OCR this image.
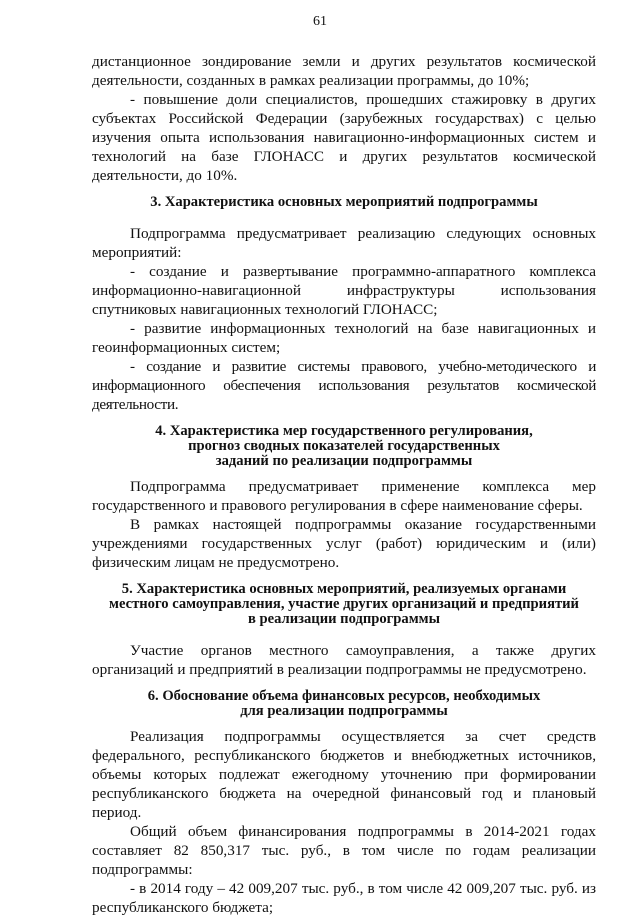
61

дистанционное зондирование земли и других результатов космической деятельности, созданных в рамках реализации программы, до 10%;

- повышение доли специалистов, прошедших стажировку в других субъектах Российской Федерации (зарубежных государствах) с целью изучения опыта использования навигационно-информационных систем и технологий на базе ГЛОНАСС и других результатов космической деятельности, до 10%.

3. Характеристика основных мероприятий подпрограммы

Подпрограмма предусматривает реализацию следующих основных мероприятий:

- создание и развертывание программно-аппаратного комплекса информационно-навигационной инфраструктуры использования спутниковых навигационных технологий ГЛОНАСС;

- развитие информационных технологий на базе навигационных и геоинформационных систем;

- создание и развитие системы правового, учебно-методического и информационного обеспечения использования результатов космической деятельности.

4. Характеристика мер государственного регулирования,
прогноз сводных показателей государственных
заданий по реализации подпрограммы

Подпрограмма предусматривает применение комплекса мер государственного и правового регулирования в сфере наименование сферы.

В рамках настоящей подпрограммы оказание государственными учреждениями государственных услуг (работ) юридическим и (или) физическим лицам не предусмотрено.

5. Характеристика основных мероприятий, реализуемых органами
местного самоуправления, участие других организаций и предприятий
в реализации подпрограммы

Участие органов местного самоуправления, а также других организаций и предприятий в реализации подпрограммы не предусмотрено.

6. Обоснование объема финансовых ресурсов, необходимых
для реализации подпрограммы

Реализация подпрограммы осуществляется за счет средств федерального, республиканского бюджетов и внебюджетных источников, объемы которых подлежат ежегодному уточнению при формировании республиканского бюджета на очередной финансовый год и плановый период.

Общий объем финансирования подпрограммы в 2014-2021 годах составляет 82 850,317 тыс. руб., в том числе по годам реализации подпрограммы:

- в 2014 году – 42 009,207 тыс. руб., в том числе 42 009,207 тыс. руб. из республиканского бюджета;
